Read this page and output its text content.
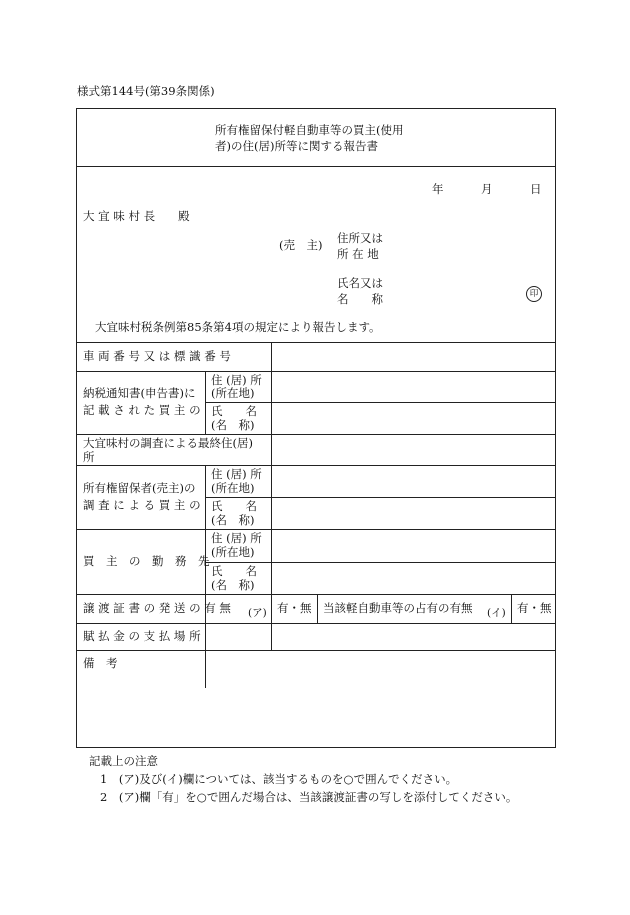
様式第144号(第39条関係)
所有権留保付軽自動車等の買主(使用
者)の住(居)所等に関する報告書
年	月	日
大 宜 味 村 長　　殿
(売　主) 住所又は
所 在 地
氏名又は
名　　称	印
大宜味村税条例第85条第4項の規定により報告します。
車 両 番 号 又 は 標 識 番 号
納税通知書(申告書)に
記 載 さ れ た 買 主 の
住 (居) 所
(所在地)
氏　　名
(名　称)
大宜味村の調査による最終住(居)
所
所有権留保者(売主)の
調 査 に よ る 買 主 の
住 (居) 所
(所在地)
氏　　名
(名　称)
買　主　の　勤　務　先
住 (居) 所
(所在地)
氏　　名
(名　称)
譲 渡 証 書 の 発 送 の 有 無 (ア) 有・無 当該軽自動車等の占有の有無 (イ) 有・無
賦 払 金 の 支 払 場 所
備　考
記載上の注意
1　(ア)及び(イ)欄については、該当するものを○で囲んでください。
2　(ア)欄「有」を○で囲んだ場合は、当該譲渡証書の写しを添付してください。
